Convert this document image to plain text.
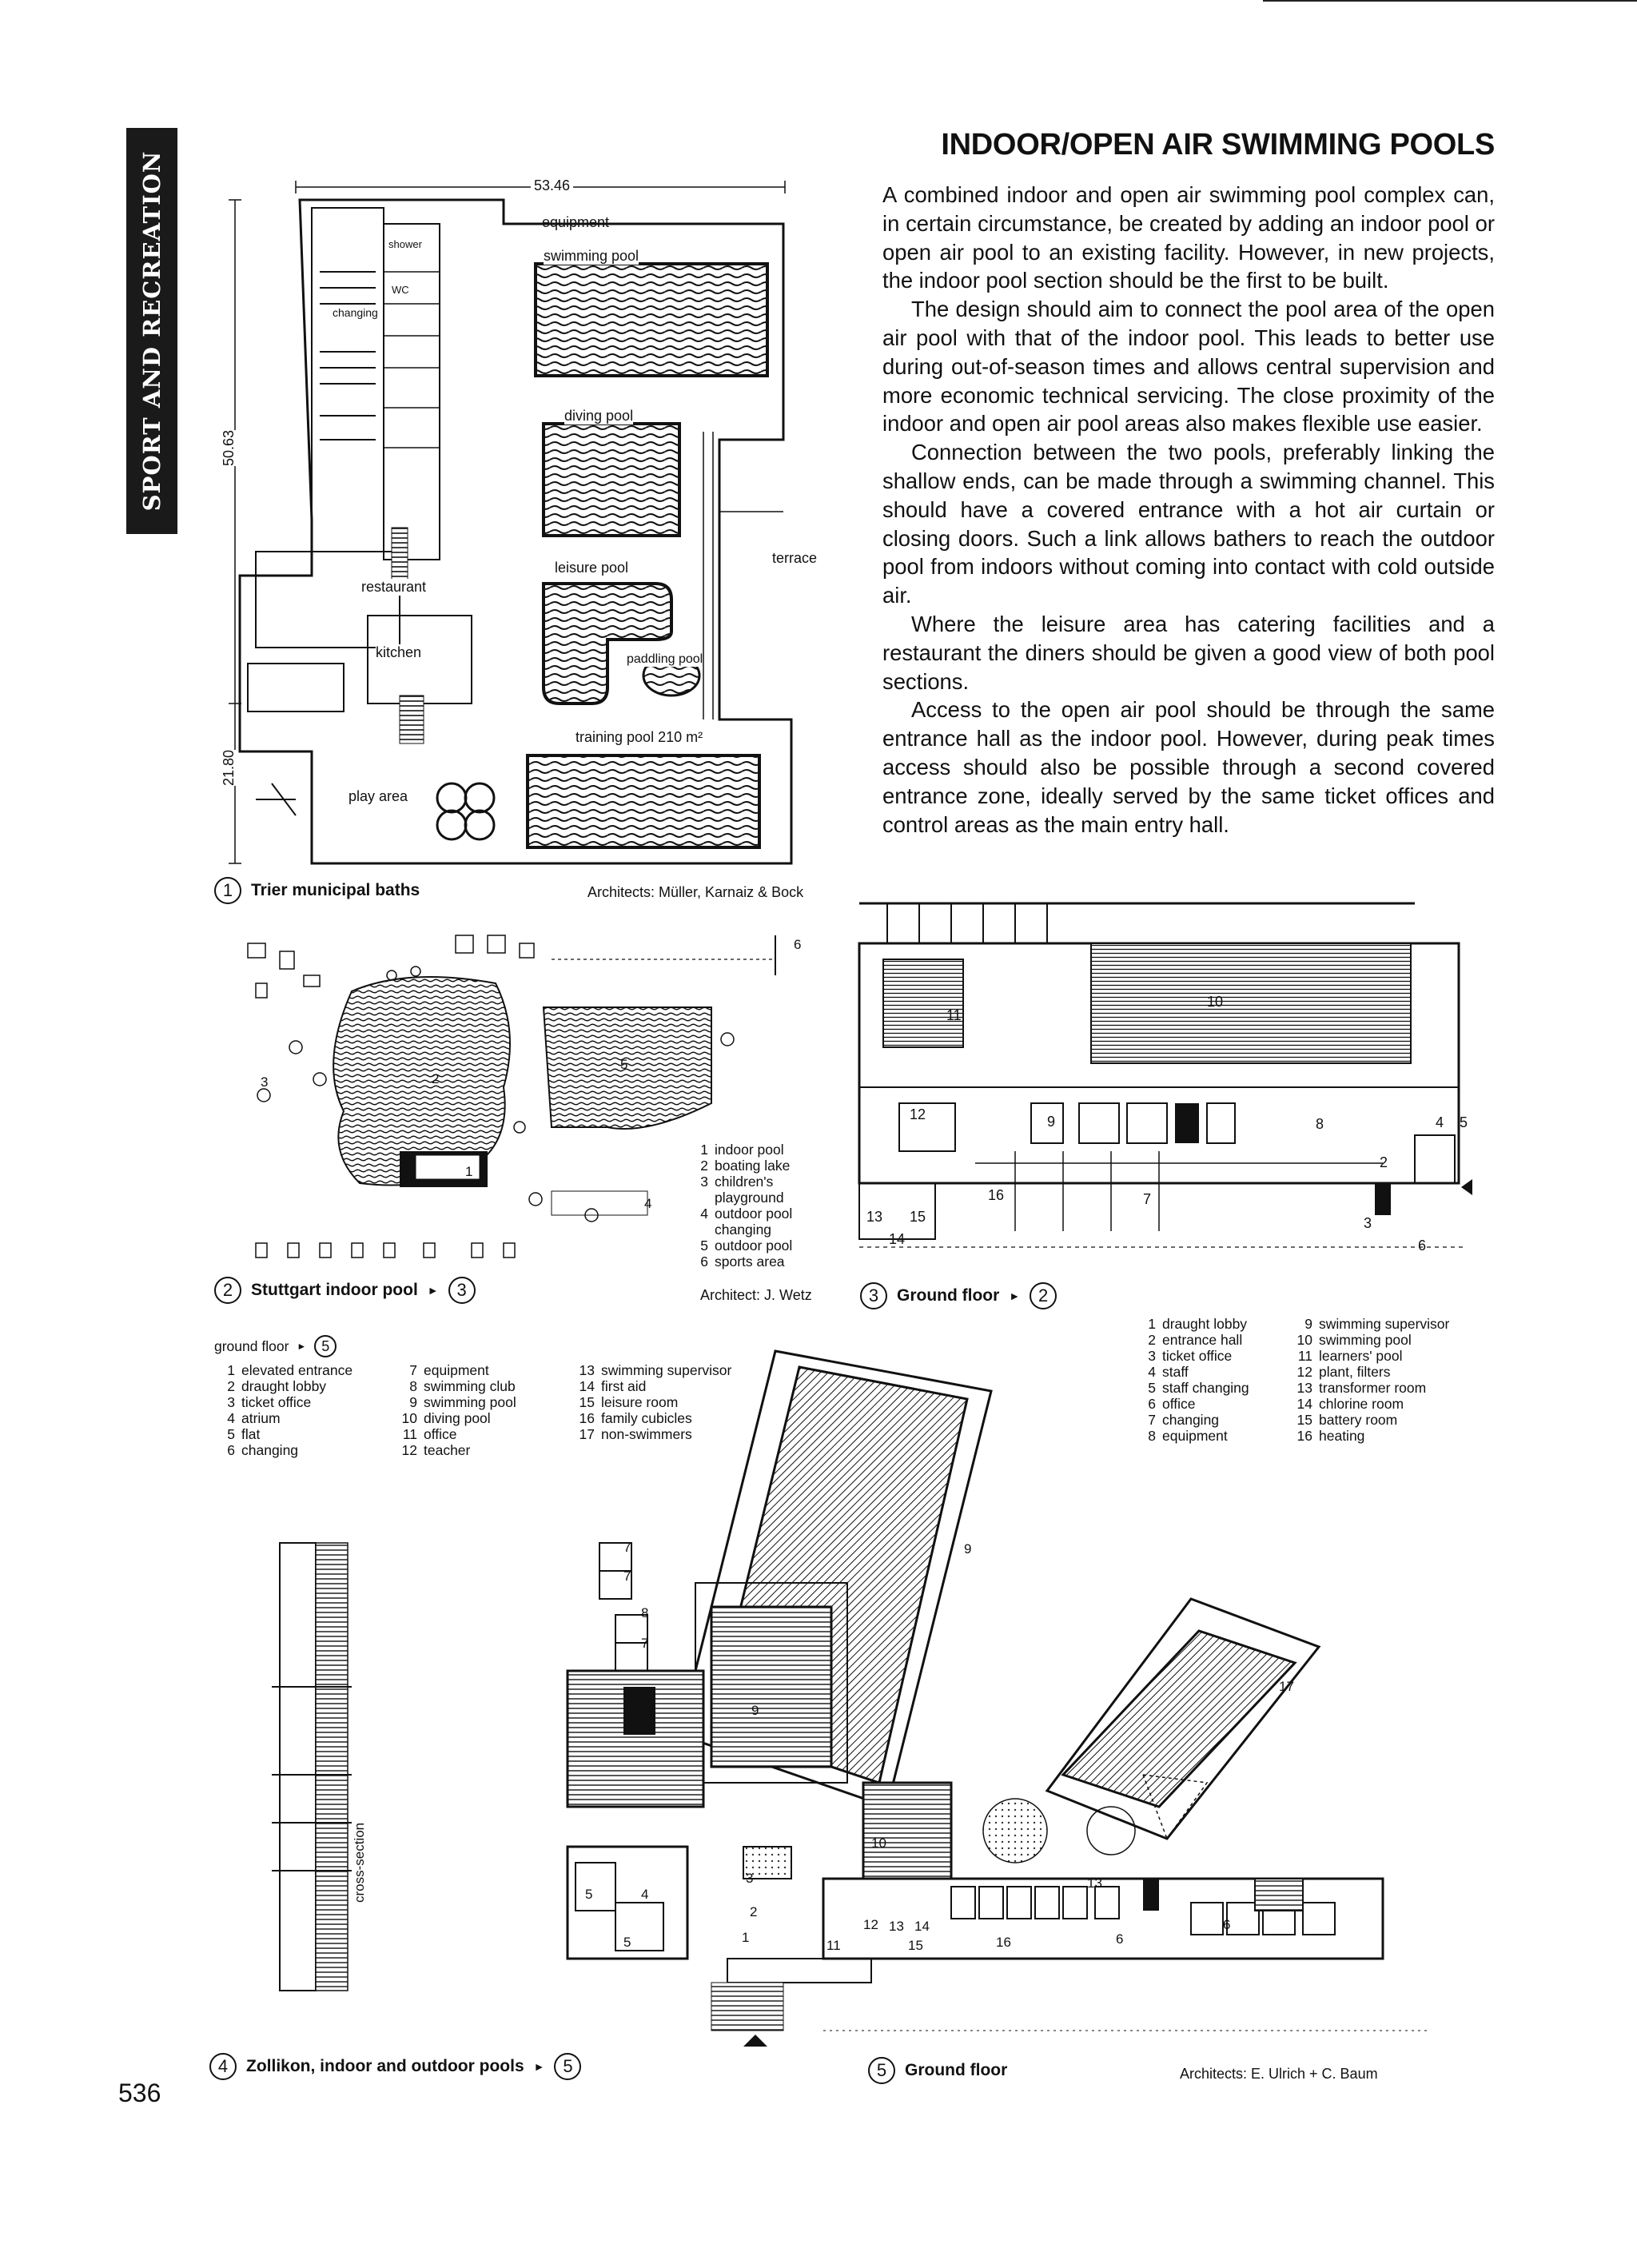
SPORT AND RECREATION
INDOOR/OPEN AIR SWIMMING POOLS

A combined indoor and open air swimming pool complex can, in certain circumstance, be created by adding an indoor pool or open air pool to an existing facility. However, in new projects, the indoor pool section should be the first to be built.

The design should aim to connect the pool area of the open air pool with that of the indoor pool. This leads to better use during out-of-season times and allows central supervision and more economic technical servicing. The close proximity of the indoor and open air pool areas also makes flexible use easier.

Connection between the two pools, preferably linking the shallow ends, can be made through a swimming channel. This should have a covered entrance with a hot air curtain or closing doors. Such a link allows bathers to reach the outdoor pool from indoors without coming into contact with cold outside air.

Where the leisure area has catering facilities and a restaurant the diners should be given a good view of both pool sections.

Access to the open air pool should be through the same entrance hall as the indoor pool. However, during peak times access should also be possible through a second covered entrance zone, ideally served by the same ticket offices and control areas as the main entry hall.

53.46
50.63
21.80
equipment
swimming pool
diving pool
leisure pool
terrace
restaurant
kitchen	paddling pool
training pool 210 m²
play area
changing
shower
WC
1	Trier municipal baths	Architects: Müller, Karnaiz & Bock
1
2
3
4
5
6
1 indoor pool
2 boating lake
3 children's
playground
4 outdoor pool
changing
5 outdoor pool
6 sports area
2	Stuttgart indoor pool ►	3	Architect: J. Wetz
10
11
12	9	8
16
13 15
14
7
2
3
4 5
6
3	Ground floor ►	2
1 draught lobby
2 entrance hall
3 ticket office
4 staff
5 staff changing
6 office
7 changing
8 equipment
9 swimming supervisor
10 swimming pool
11 learners' pool
12 plant, filters
13 transformer room
14 chlorine room
15 battery room
16 heating
ground floor ►	5
1 elevated entrance
2 draught lobby
3 ticket office
4 atrium
5 flat
6 changing
7 equipment
8 swimming club
9 swimming pool
10 diving pool
11 office
12 teacher
13 swimming supervisor
14 first aid
15 leisure room
16 family cubicles
17 non-swimmers
cross-section
9
9
17
10
7
7
8
7
4
5
5	1
2
3
11
12 13 14
15	16
13
6
6
4	Zollikon, indoor and outdoor pools ►	5	5	Ground floor	Architects: E. Ulrich + C. Baum
536
